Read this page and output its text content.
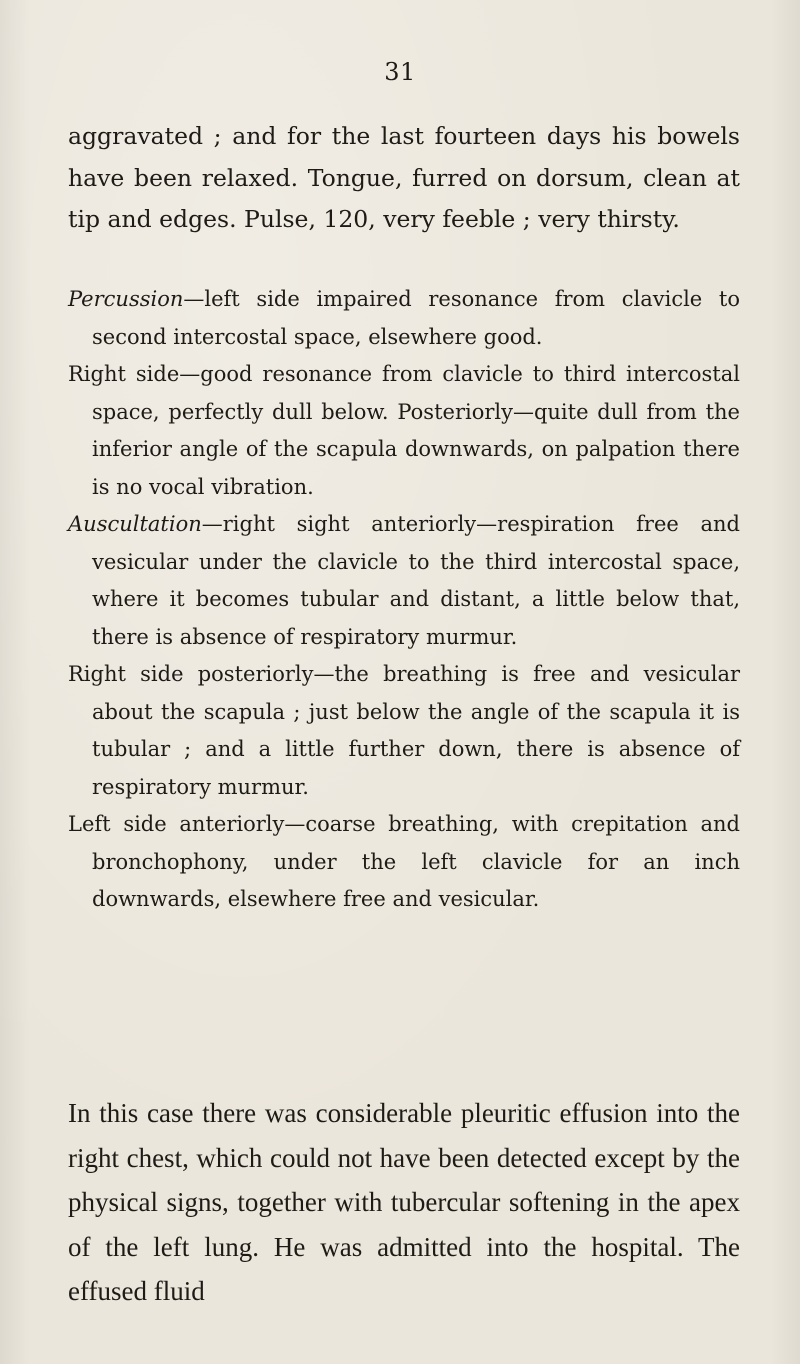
31

aggravated ; and for the last fourteen days his bowels have been relaxed. Tongue, furred on dorsum, clean at tip and edges. Pulse, 120, very feeble ; very thirsty.

Percussion—left side impaired resonance from clavicle to second intercostal space, elsewhere good.

Right side—good resonance from clavicle to third intercostal space, perfectly dull below. Posteriorly—quite dull from the inferior angle of the scapula downwards, on palpation there is no vocal vibration.

Auscultation—right sight anteriorly—respiration free and vesicular under the clavicle to the third intercostal space, where it becomes tubular and distant, a little below that, there is absence of respiratory murmur.

Right side posteriorly—the breathing is free and vesicular about the scapula ; just below the angle of the scapula it is tubular ; and a little further down, there is absence of respiratory murmur.

Left side anteriorly—coarse breathing, with crepitation and bronchophony, under the left clavicle for an inch downwards, elsewhere free and vesicular.

In this case there was considerable pleuritic effusion into the right chest, which could not have been detected except by the physical signs, together with tubercular softening in the apex of the left lung. He was admitted into the hospital. The effused fluid
